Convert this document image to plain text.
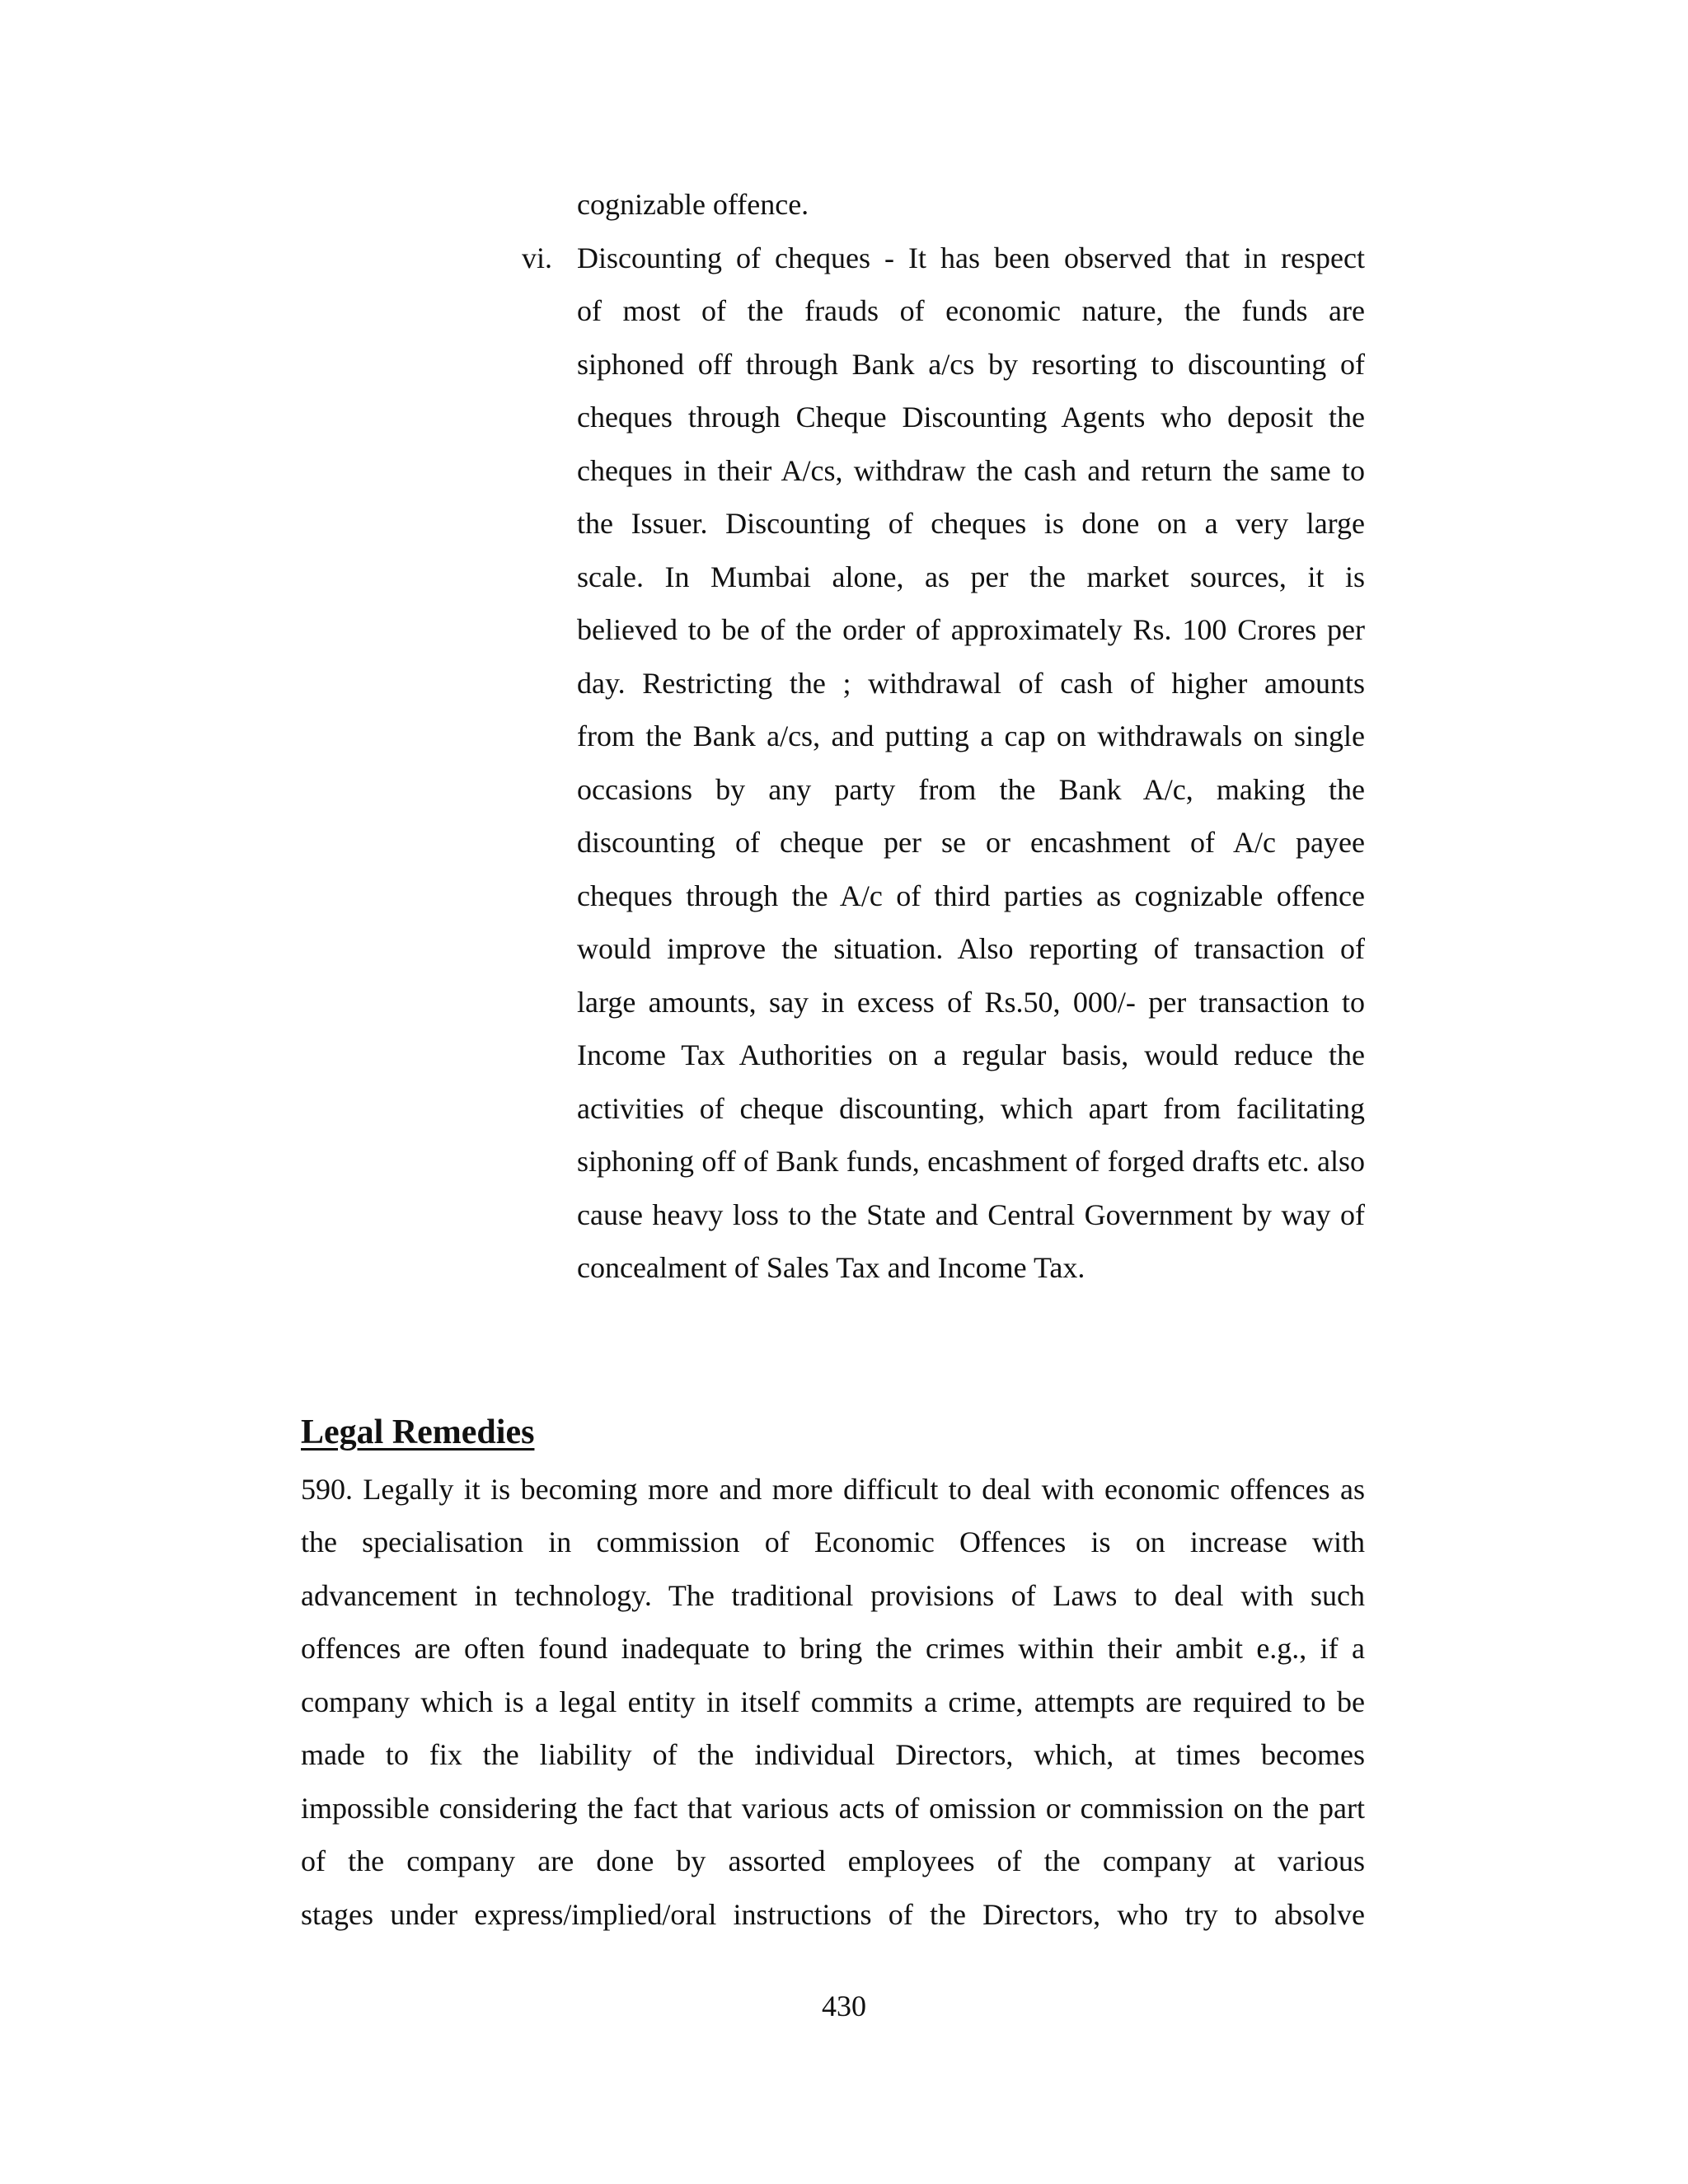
cognizable offence.
vi. Discounting of cheques - It has been observed that in respect
of most of the frauds of economic nature, the funds are
siphoned off through Bank a/cs by resorting to discounting of
cheques through Cheque Discounting Agents who deposit the
cheques in their A/cs, withdraw the cash and return the same to
the Issuer. Discounting of cheques is done on a very large
scale. In Mumbai alone, as per the market sources, it is
believed to be of the order of approximately Rs. 100 Crores per
day. Restricting the ; withdrawal of cash of higher amounts
from the Bank a/cs, and putting a cap on withdrawals on single
occasions by any party from the Bank A/c, making the
discounting of cheque per se or encashment of A/c payee
cheques through the A/c of third parties as cognizable offence
would improve the situation. Also reporting of transaction of
large amounts, say in excess of Rs.50, 000/- per transaction to
Income Tax Authorities on a regular basis, would reduce the
activities of cheque discounting, which apart from facilitating
siphoning off of Bank funds, encashment of forged drafts etc. also
cause heavy loss to the State and Central Government by way of
concealment of Sales Tax and Income Tax.
Legal Remedies
590. Legally it is becoming more and more difficult to deal with economic offences as
the specialisation in commission of Economic Offences is on increase with
advancement in technology. The traditional provisions of Laws to deal with such
offences are often found inadequate to bring the crimes within their ambit e.g., if a
company which is a legal entity in itself commits a crime, attempts are required to be
made to fix the liability of the individual Directors, which, at times becomes
impossible considering the fact that various acts of omission or commission on the part
of the company are done by assorted employees of the company at various
stages under express/implied/oral instructions of the Directors, who try to absolve
430
